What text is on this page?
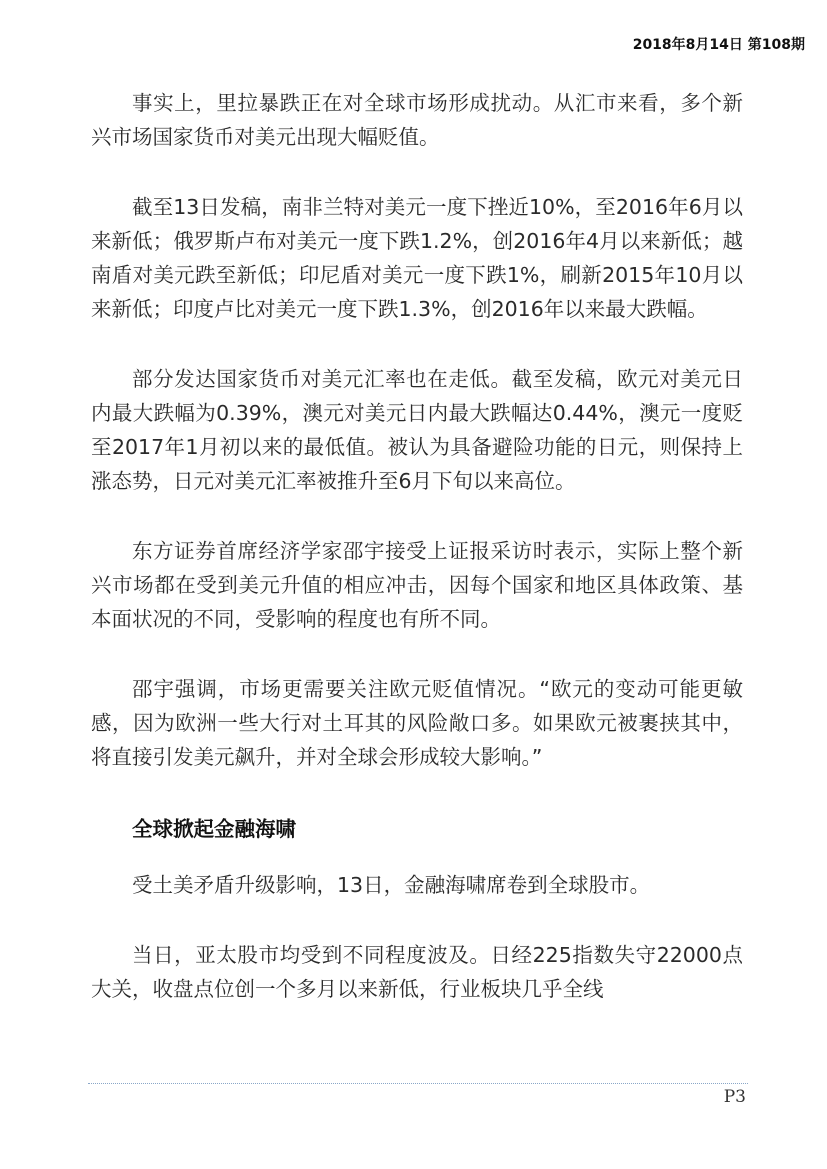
2018年8月14日 第108期

事实上，里拉暴跌正在对全球市场形成扰动。从汇市来看，多个新兴市场国家货币对美元出现大幅贬值。

截至13日发稿，南非兰特对美元一度下挫近10%，至2016年6月以来新低；俄罗斯卢布对美元一度下跌1.2%，创2016年4月以来新低；越南盾对美元跌至新低；印尼盾对美元一度下跌1%，刷新2015年10月以来新低；印度卢比对美元一度下跌1.3%，创2016年以来最大跌幅。

部分发达国家货币对美元汇率也在走低。截至发稿，欧元对美元日内最大跌幅为0.39%，澳元对美元日内最大跌幅达0.44%，澳元一度贬至2017年1月初以来的最低值。被认为具备避险功能的日元，则保持上涨态势，日元对美元汇率被推升至6月下旬以来高位。

东方证券首席经济学家邵宇接受上证报采访时表示，实际上整个新兴市场都在受到美元升值的相应冲击，因每个国家和地区具体政策、基本面状况的不同，受影响的程度也有所不同。

邵宇强调，市场更需要关注欧元贬值情况。“欧元的变动可能更敏感，因为欧洲一些大行对土耳其的风险敞口多。如果欧元被裹挟其中，将直接引发美元飙升，并对全球会形成较大影响。”

全球掀起金融海啸

受土美矛盾升级影响，13日，金融海啸席卷到全球股市。

当日，亚太股市均受到不同程度波及。日经225指数失守22000点大关，收盘点位创一个多月以来新低，行业板块几乎全线

P3
